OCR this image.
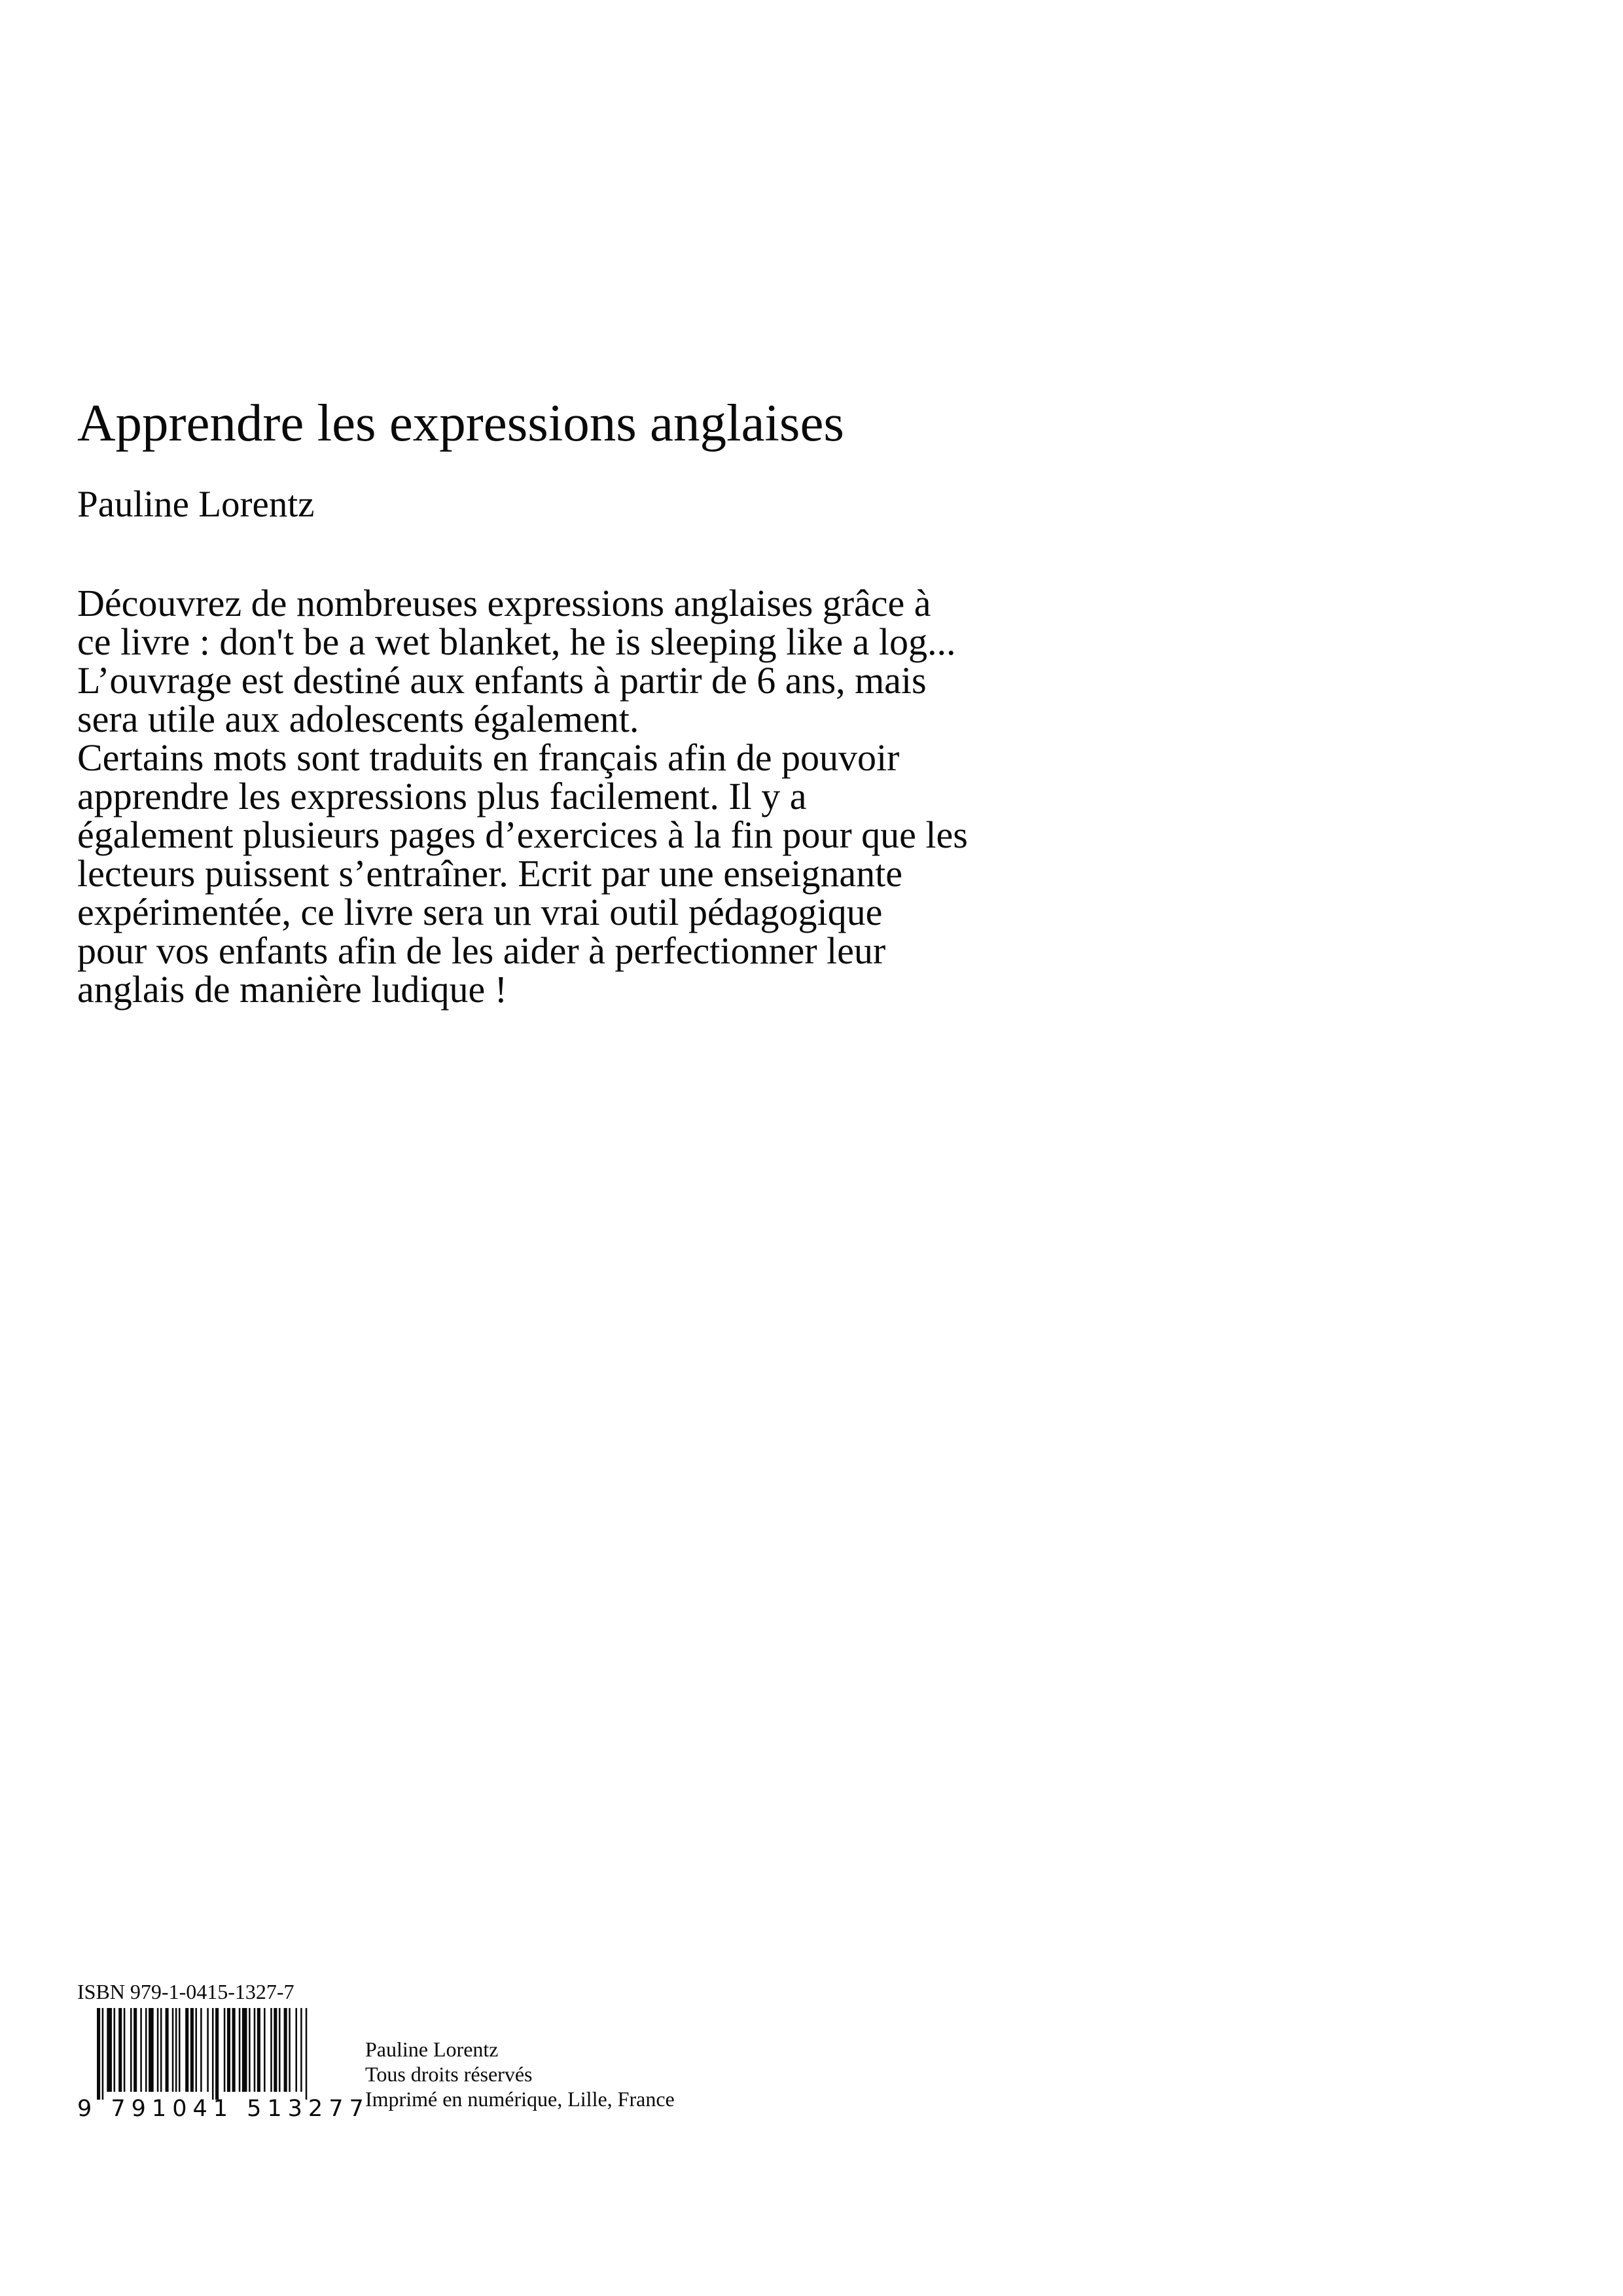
Apprendre les expressions anglaises
Pauline Lorentz
Découvrez de nombreuses expressions anglaises grâce à
ce livre : don't be a wet blanket, he is sleeping like a log...
L’ouvrage est destiné aux enfants à partir de 6 ans, mais
sera utile aux adolescents également.
Certains mots sont traduits en français afin de pouvoir
apprendre les expressions plus facilement. Il y a
également plusieurs pages d’exercices à la fin pour que les
lecteurs puissent s’entraîner. Ecrit par une enseignante
expérimentée, ce livre sera un vrai outil pédagogique
pour vos enfants afin de les aider à perfectionner leur
anglais de manière ludique !
ISBN 979-1-0415-1327-7
9 791041 513277
Pauline Lorentz
Tous droits réservés
Imprimé en numérique, Lille, France
